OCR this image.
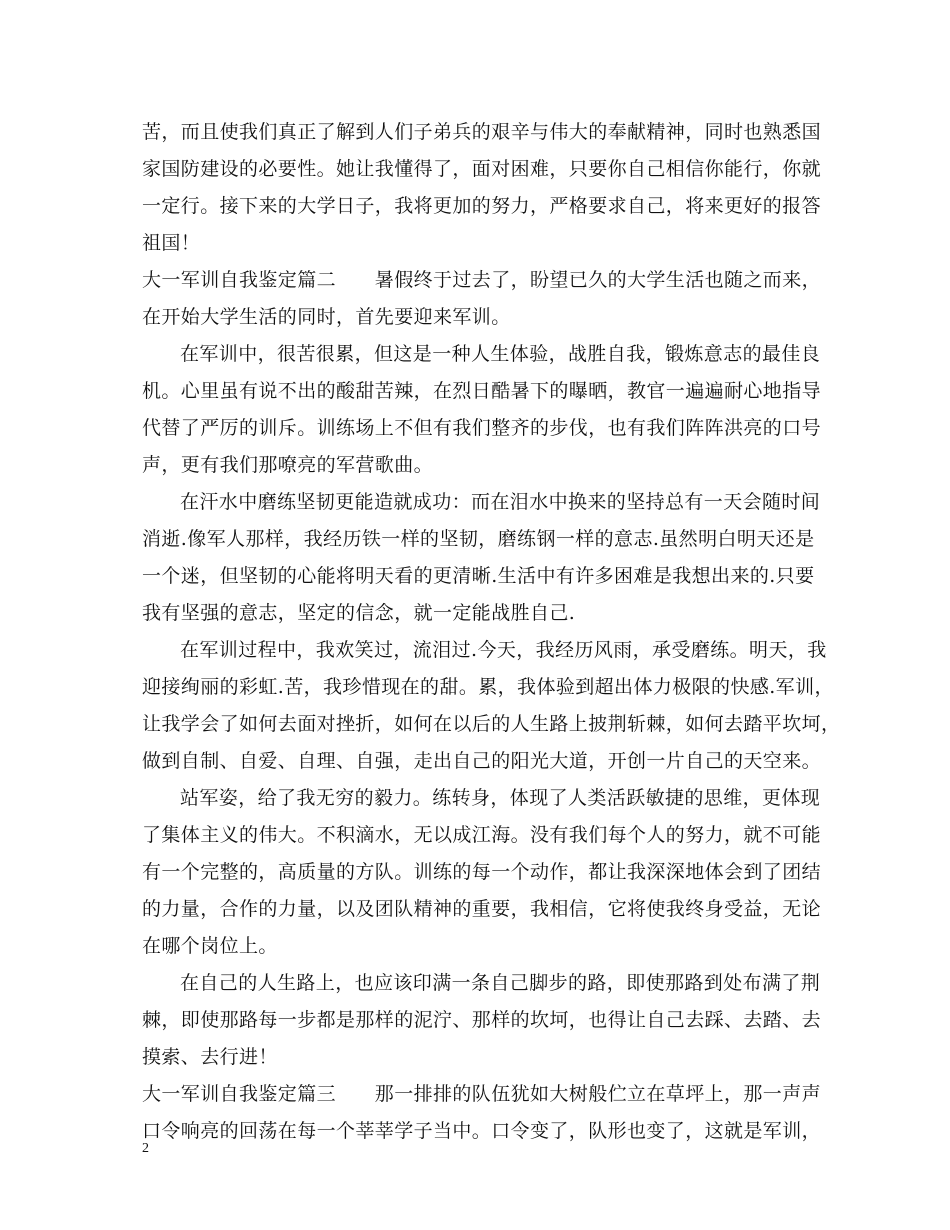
苦，而且使我们真正了解到人们子弟兵的艰辛与伟大的奉献精神，同时也熟悉国
家国防建设的必要性。她让我懂得了，面对困难，只要你自己相信你能行，你就
一定行。接下来的大学日子，我将更加的努力，严格要求自己，将来更好的报答
祖国！
大一军训自我鉴定篇二　　暑假终于过去了，盼望已久的大学生活也随之而来，
在开始大学生活的同时，首先要迎来军训。
在军训中，很苦很累，但这是一种人生体验，战胜自我，锻炼意志的最佳良
机。心里虽有说不出的酸甜苦辣，在烈日酷暑下的曝晒，教官一遍遍耐心地指导
代替了严厉的训斥。训练场上不但有我们整齐的步伐，也有我们阵阵洪亮的口号
声，更有我们那嘹亮的军营歌曲。
在汗水中磨练坚韧更能造就成功：而在泪水中换来的坚持总有一天会随时间
消逝.像军人那样，我经历铁一样的坚韧，磨练钢一样的意志.虽然明白明天还是
一个迷，但坚韧的心能将明天看的更清晰.生活中有许多困难是我想出来的.只要
我有坚强的意志，坚定的信念，就一定能战胜自己.
在军训过程中，我欢笑过，流泪过.今天，我经历风雨，承受磨练。明天，我
迎接绚丽的彩虹.苦，我珍惜现在的甜。累，我体验到超出体力极限的快感.军训，
让我学会了如何去面对挫折，如何在以后的人生路上披荆斩棘，如何去踏平坎坷，
做到自制、自爱、自理、自强，走出自己的阳光大道，开创一片自己的天空来。
站军姿，给了我无穷的毅力。练转身，体现了人类活跃敏捷的思维，更体现
了集体主义的伟大。不积滴水，无以成江海。没有我们每个人的努力，就不可能
有一个完整的，高质量的方队。训练的每一个动作，都让我深深地体会到了团结
的力量，合作的力量，以及团队精神的重要，我相信，它将使我终身受益，无论
在哪个岗位上。
在自己的人生路上，也应该印满一条自己脚步的路，即使那路到处布满了荆
棘，即使那路每一步都是那样的泥泞、那样的坎坷，也得让自己去踩、去踏、去
摸索、去行进！
大一军训自我鉴定篇三　　那一排排的队伍犹如大树般伫立在草坪上，那一声声
口令响亮的回荡在每一个莘莘学子当中。口令变了，队形也变了，这就是军训，
2
